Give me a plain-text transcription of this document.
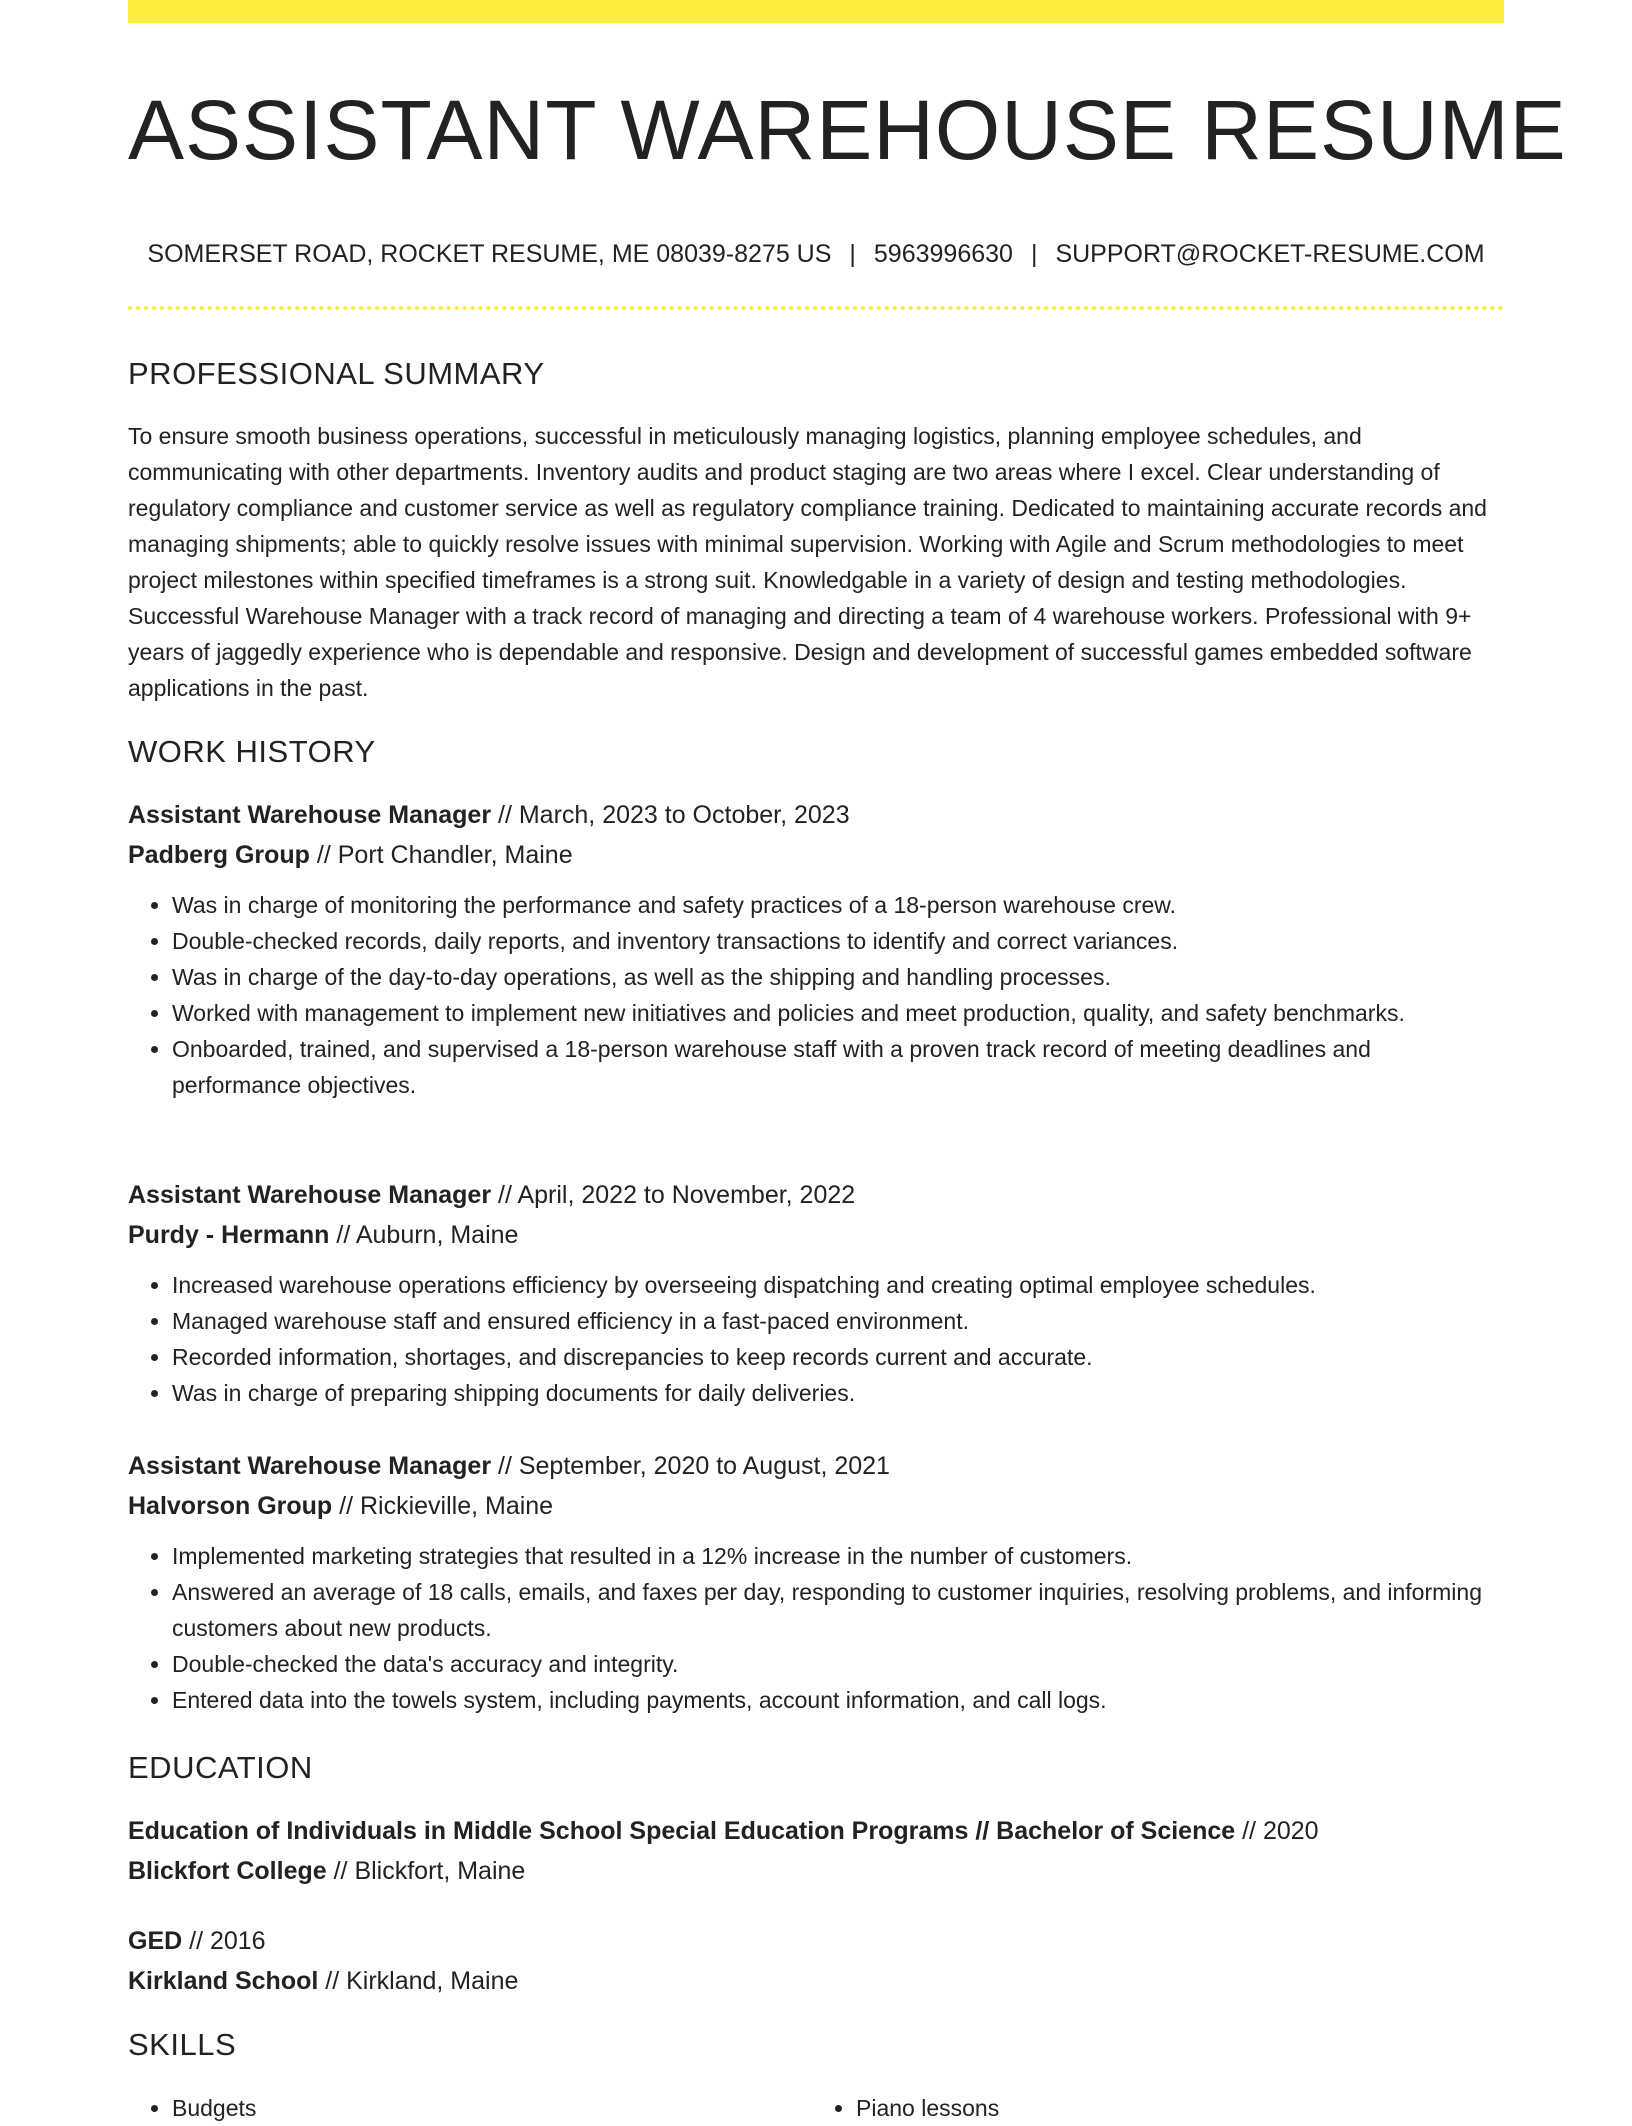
ASSISTANT WAREHOUSE RESUME
SOMERSET ROAD, ROCKET RESUME, ME 08039-8275 US | 5963996630 | SUPPORT@ROCKET-RESUME.COM
PROFESSIONAL SUMMARY

To ensure smooth business operations, successful in meticulously managing logistics, planning employee schedules, and communicating with other departments. Inventory audits and product staging are two areas where I excel. Clear understanding of regulatory compliance and customer service as well as regulatory compliance training. Dedicated to maintaining accurate records and managing shipments; able to quickly resolve issues with minimal supervision. Working with Agile and Scrum methodologies to meet project milestones within specified timeframes is a strong suit. Knowledgable in a variety of design and testing methodologies. Successful Warehouse Manager with a track record of managing and directing a team of 4 warehouse workers. Professional with 9+ years of jaggedly experience who is dependable and responsive. Design and development of successful games embedded software applications in the past.

WORK HISTORY

Assistant Warehouse Manager // March, 2023 to October, 2023

Padberg Group // Port Chandler, Maine

• Was in charge of monitoring the performance and safety practices of a 18-person warehouse crew.
• Double-checked records, daily reports, and inventory transactions to identify and correct variances.
• Was in charge of the day-to-day operations, as well as the shipping and handling processes.
• Worked with management to implement new initiatives and policies and meet production, quality, and safety benchmarks.
• Onboarded, trained, and supervised a 18-person warehouse staff with a proven track record of meeting deadlines and performance objectives.

Assistant Warehouse Manager // April, 2022 to November, 2022

Purdy - Hermann // Auburn, Maine

• Increased warehouse operations efficiency by overseeing dispatching and creating optimal employee schedules.
• Managed warehouse staff and ensured efficiency in a fast-paced environment.
• Recorded information, shortages, and discrepancies to keep records current and accurate.
• Was in charge of preparing shipping documents for daily deliveries.

Assistant Warehouse Manager // September, 2020 to August, 2021

Halvorson Group // Rickieville, Maine

• Implemented marketing strategies that resulted in a 12% increase in the number of customers.
• Answered an average of 18 calls, emails, and faxes per day, responding to customer inquiries, resolving problems, and informing customers about new products.
• Double-checked the data's accuracy and integrity.
• Entered data into the towels system, including payments, account information, and call logs.
EDUCATION

Education of Individuals in Middle School Special Education Programs // Bachelor of Science // 2020

Blickfort College // Blickfort, Maine

GED // 2016

Kirkland School // Kirkland, Maine

SKILLS
• Budgets
•	Piano lessons
